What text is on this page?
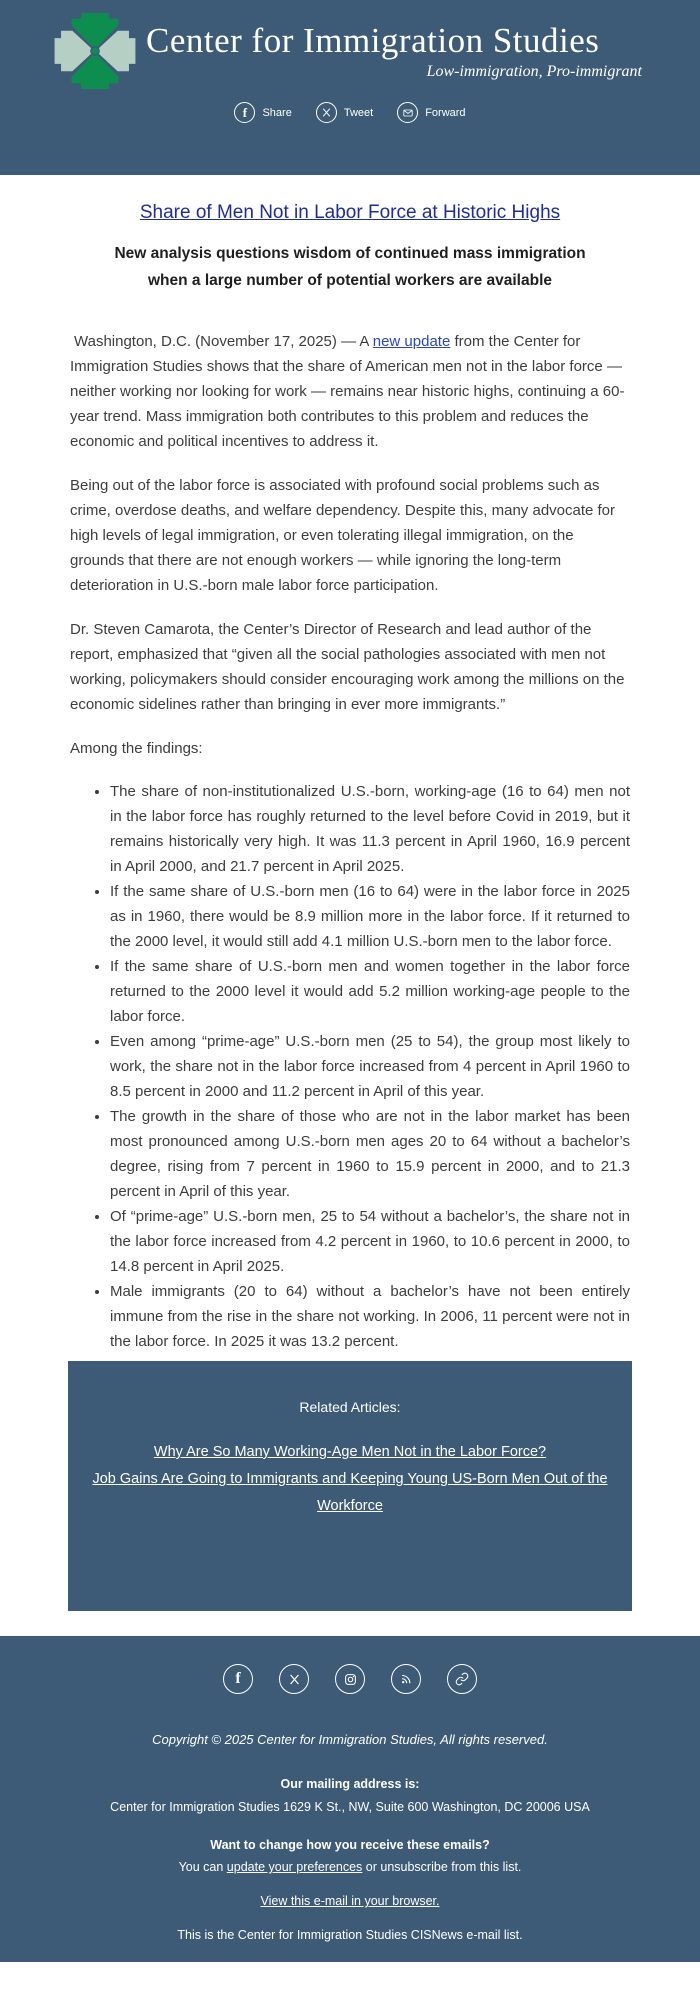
Center for Immigration Studies
Low-immigration, Pro-immigrant
f Share	Tweet	Forward
Share of Men Not in Labor Force at Historic Highs
New analysis questions wisdom of continued mass immigration when a large number of potential workers are available

Washington, D.C. (November 17, 2025) — A new update from the Center for Immigration Studies shows that the share of American men not in the labor force — neither working nor looking for work — remains near historic highs, continuing a 60-year trend. Mass immigration both contributes to this problem and reduces the economic and political incentives to address it.

Being out of the labor force is associated with profound social problems such as crime, overdose deaths, and welfare dependency. Despite this, many advocate for high levels of legal immigration, or even tolerating illegal immigration, on the grounds that there are not enough workers — while ignoring the long-term deterioration in U.S.-born male labor force participation.

Dr. Steven Camarota, the Center’s Director of Research and lead author of the report, emphasized that “given all the social pathologies associated with men not working, policymakers should consider encouraging work among the millions on the economic sidelines rather than bringing in ever more immigrants.”

Among the findings:

• The share of non-institutionalized U.S.-born, working-age (16 to 64) men not in the labor force has roughly returned to the level before Covid in 2019, but it remains historically very high. It was 11.3 percent in April 1960, 16.9 percent in April 2000, and 21.7 percent in April 2025.
• If the same share of U.S.-born men (16 to 64) were in the labor force in 2025 as in 1960, there would be 8.9 million more in the labor force. If it returned to the 2000 level, it would still add 4.1 million U.S.-born men to the labor force.
• If the same share of U.S.-born men and women together in the labor force returned to the 2000 level it would add 5.2 million working-age people to the labor force.
• Even among “prime-age” U.S.-born men (25 to 54), the group most likely to work, the share not in the labor force increased from 4 percent in April 1960 to 8.5 percent in 2000 and 11.2 percent in April of this year.
• The growth in the share of those who are not in the labor market has been most pronounced among U.S.-born men ages 20 to 64 without a bachelor’s degree, rising from 7 percent in 1960 to 15.9 percent in 2000, and to 21.3 percent in April of this year.
• Of “prime-age” U.S.-born men, 25 to 54 without a bachelor’s, the share not in the labor force increased from 4.2 percent in 1960, to 10.6 percent in 2000, to 14.8 percent in April 2025.
• Male immigrants (20 to 64) without a bachelor’s have not been entirely immune from the rise in the share not working. In 2006, 11 percent were not in the labor force. In 2025 it was 13.2 percent.
Related Articles:
Why Are So Many Working-Age Men Not in the Labor Force?
Job Gains Are Going to Immigrants and Keeping Young US-Born Men Out of the Workforce
f
Copyright © 2025 Center for Immigration Studies, All rights reserved.
Our mailing address is:
Center for Immigration Studies 1629 K St., NW, Suite 600 Washington, DC 20006 USA
Want to change how you receive these emails?
You can update your preferences or unsubscribe from this list.
View this e-mail in your browser.
This is the Center for Immigration Studies CISNews e-mail list.
